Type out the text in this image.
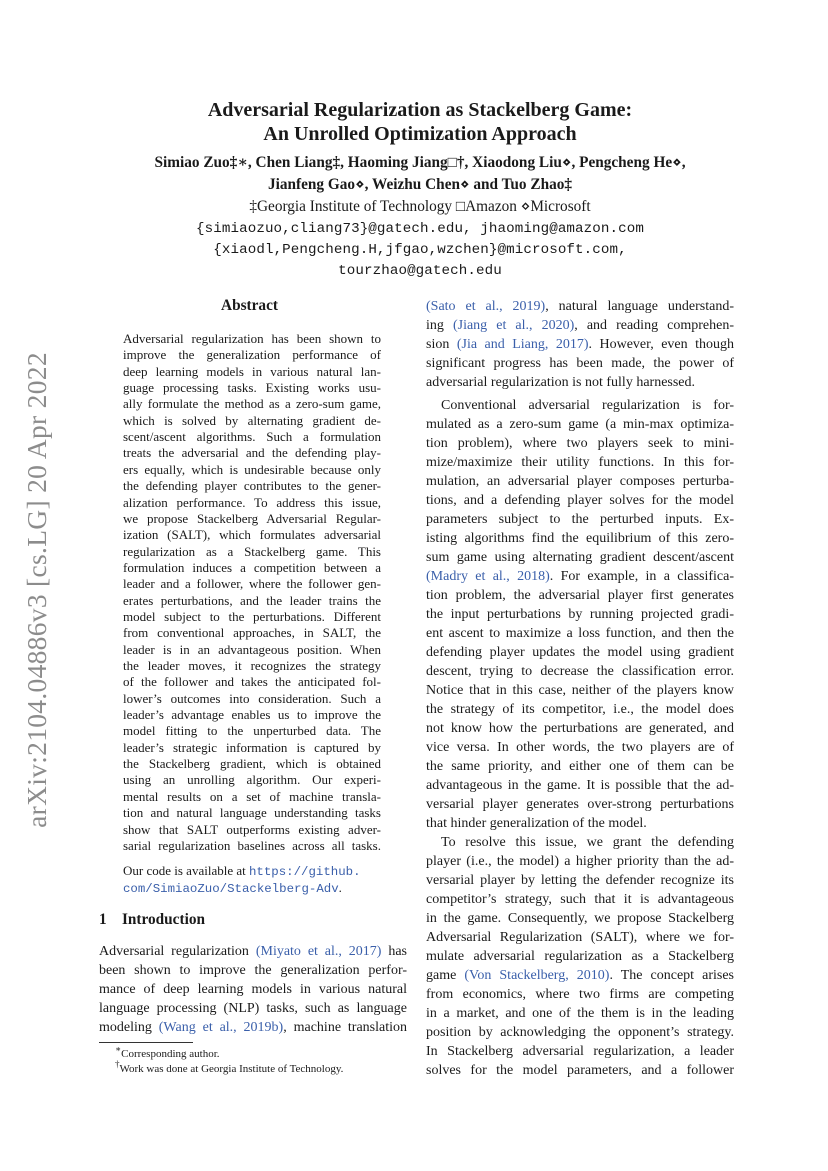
arXiv:2104.04886v3 [cs.LG] 20 Apr 2022
Adversarial Regularization as Stackelberg Game:
An Unrolled Optimization Approach
Simiao Zuo‡∗, Chen Liang‡, Haoming Jiang□†, Xiaodong Liu⋄, Pengcheng He⋄,
Jianfeng Gao⋄, Weizhu Chen⋄ and Tuo Zhao‡
‡Georgia Institute of Technology □Amazon ⋄Microsoft
{simiaozuo,cliang73}@gatech.edu, jhaoming@amazon.com
{xiaodl,Pengcheng.H,jfgao,wzchen}@microsoft.com,
tourzhao@gatech.edu
Abstract
Adversarial regularization has been shown to
improve the generalization performance of
deep learning models in various natural lan-
guage processing tasks. Existing works usu-
ally formulate the method as a zero-sum game,
which is solved by alternating gradient de-
scent/ascent algorithms. Such a formulation
treats the adversarial and the defending play-
ers equally, which is undesirable because only
the defending player contributes to the gener-
alization performance. To address this issue,
we propose Stackelberg Adversarial Regular-
ization (SALT), which formulates adversarial
regularization as a Stackelberg game. This
formulation induces a competition between a
leader and a follower, where the follower gen-
erates perturbations, and the leader trains the
model subject to the perturbations. Different
from conventional approaches, in SALT, the
leader is in an advantageous position. When
the leader moves, it recognizes the strategy
of the follower and takes the anticipated fol-
lower’s outcomes into consideration. Such a
leader’s advantage enables us to improve the
model fitting to the unperturbed data. The
leader’s strategic information is captured by
the Stackelberg gradient, which is obtained
using an unrolling algorithm. Our experi-
mental results on a set of machine transla-
tion and natural language understanding tasks
show that SALT outperforms existing adver-
sarial regularization baselines across all tasks.
Our code is available at https://github.
com/SimiaoZuo/Stackelberg-Adv.
1 Introduction
Adversarial regularization (Miyato et al., 2017) has
been shown to improve the generalization perfor-
mance of deep learning models in various natural
language processing (NLP) tasks, such as language
modeling (Wang et al., 2019b), machine translation
∗Corresponding author.
†Work was done at Georgia Institute of Technology.
(Sato et al., 2019), natural language understand-
ing (Jiang et al., 2020), and reading comprehen-
sion (Jia and Liang, 2017). However, even though
significant progress has been made, the power of
adversarial regularization is not fully harnessed.
Conventional adversarial regularization is for-
mulated as a zero-sum game (a min-max optimiza-
tion problem), where two players seek to mini-
mize/maximize their utility functions. In this for-
mulation, an adversarial player composes perturba-
tions, and a defending player solves for the model
parameters subject to the perturbed inputs. Ex-
isting algorithms find the equilibrium of this zero-
sum game using alternating gradient descent/ascent
(Madry et al., 2018). For example, in a classifica-
tion problem, the adversarial player first generates
the input perturbations by running projected gradi-
ent ascent to maximize a loss function, and then the
defending player updates the model using gradient
descent, trying to decrease the classification error.
Notice that in this case, neither of the players know
the strategy of its competitor, i.e., the model does
not know how the perturbations are generated, and
vice versa. In other words, the two players are of
the same priority, and either one of them can be
advantageous in the game. It is possible that the ad-
versarial player generates over-strong perturbations
that hinder generalization of the model.
To resolve this issue, we grant the defending
player (i.e., the model) a higher priority than the ad-
versarial player by letting the defender recognize its
competitor’s strategy, such that it is advantageous
in the game. Consequently, we propose Stackelberg
Adversarial Regularization (SALT), where we for-
mulate adversarial regularization as a Stackelberg
game (Von Stackelberg, 2010). The concept arises
from economics, where two firms are competing
in a market, and one of the them is in the leading
position by acknowledging the opponent’s strategy.
In Stackelberg adversarial regularization, a leader
solves for the model parameters, and a follower
